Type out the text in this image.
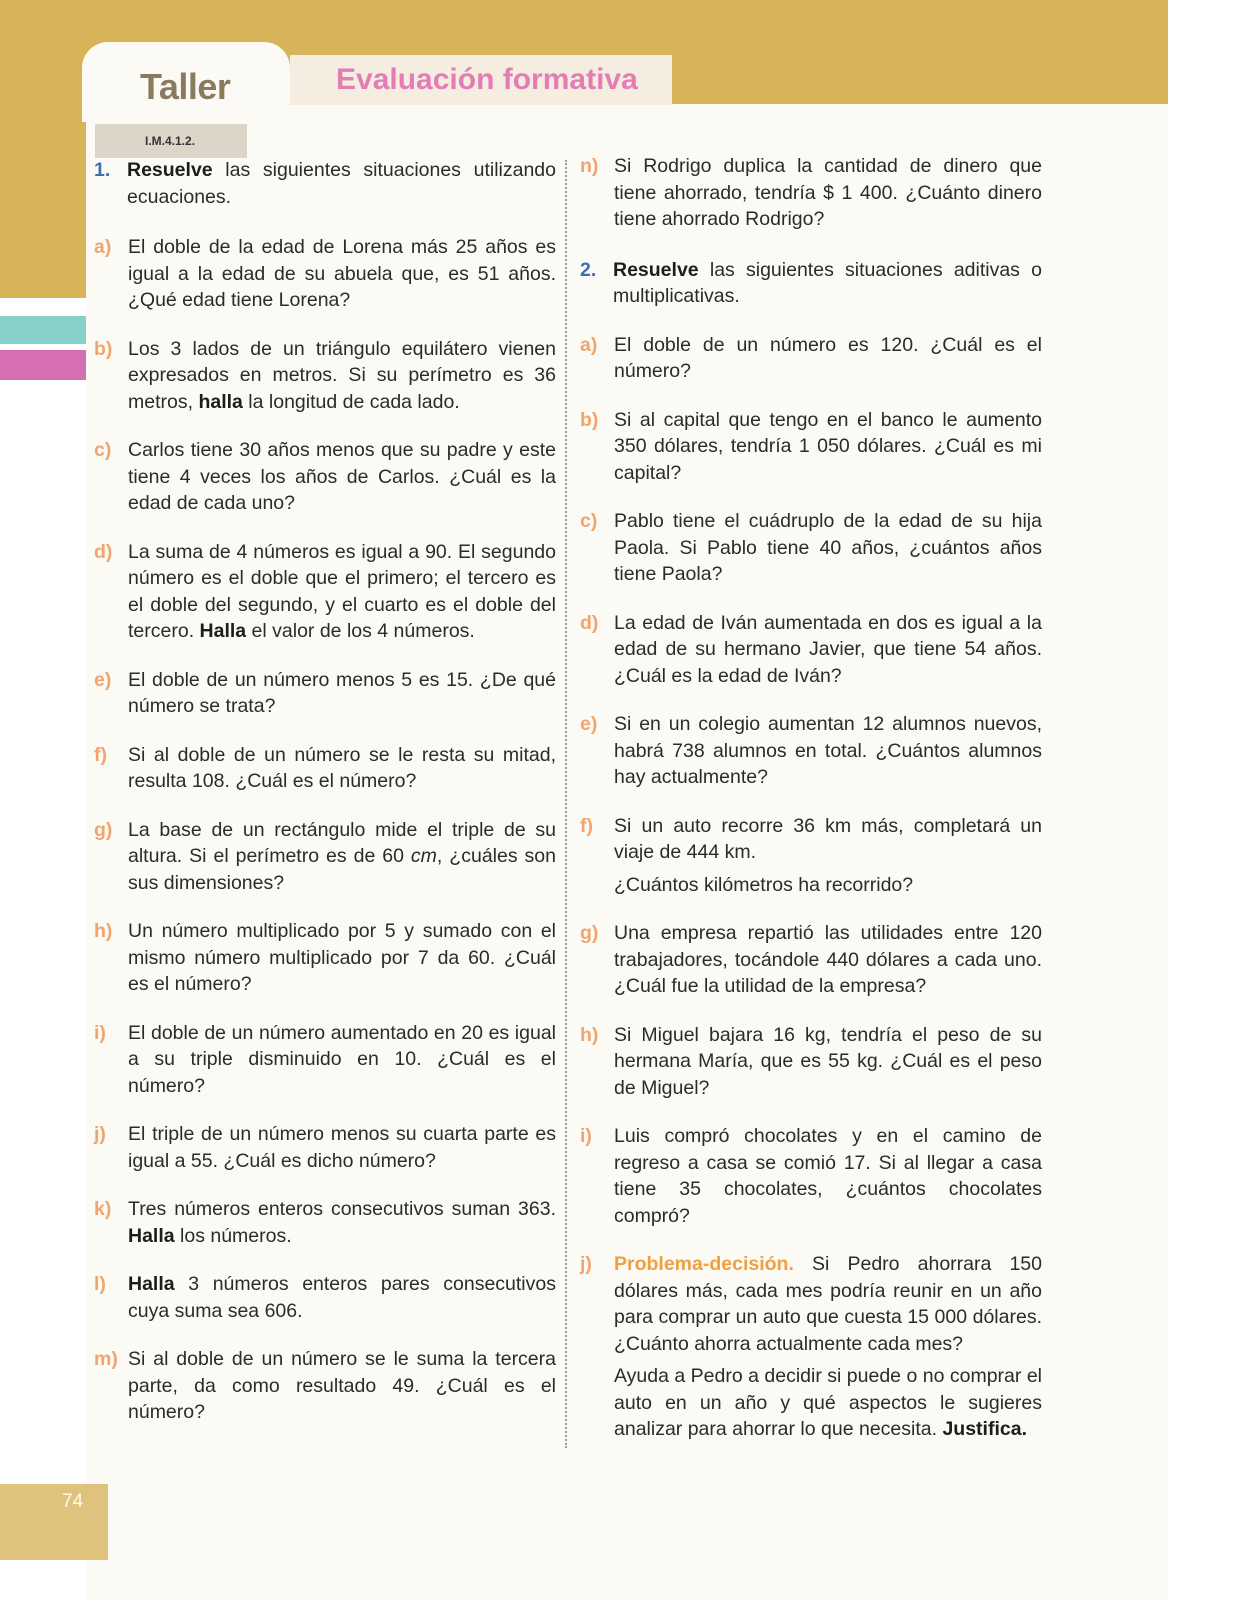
Taller	Evaluación formativa
I.M.4.1.2.
1. Resuelve las siguientes situaciones utilizando ecuaciones.
a) El doble de la edad de Lorena más 25 años es igual a la edad de su abuela que, es 51 años. ¿Qué edad tiene Lorena?
b) Los 3 lados de un triángulo equilátero vienen expresados en metros. Si su perímetro es 36 metros, halla la longitud de cada lado.
c) Carlos tiene 30 años menos que su padre y este tiene 4 veces los años de Carlos. ¿Cuál es la edad de cada uno?
d) La suma de 4 números es igual a 90. El segundo número es el doble que el primero; el tercero es el doble del segundo, y el cuarto es el doble del tercero. Halla el valor de los 4 números.
e) El doble de un número menos 5 es 15. ¿De qué número se trata?
f) Si al doble de un número se le resta su mitad, resulta 108. ¿Cuál es el número?
g) La base de un rectángulo mide el triple de su altura. Si el perímetro es de 60 cm, ¿cuáles son sus dimensiones?
h) Un número multiplicado por 5 y sumado con el mismo número multiplicado por 7 da 60. ¿Cuál es el número?
i) El doble de un número aumentado en 20 es igual a su triple disminuido en 10. ¿Cuál es el número?
j) El triple de un número menos su cuarta parte es igual a 55. ¿Cuál es dicho número?
k) Tres números enteros consecutivos suman 363. Halla los números.
l) Halla 3 números enteros pares consecutivos cuya suma sea 606.
m) Si al doble de un número se le suma la tercera parte, da como resultado 49. ¿Cuál es el número?
n) Si Rodrigo duplica la cantidad de dinero que tiene ahorrado, tendría $ 1 400. ¿Cuánto dinero tiene ahorrado Rodrigo?
2. Resuelve las siguientes situaciones aditivas o multiplicativas.
a) El doble de un número es 120. ¿Cuál es el número?
b) Si al capital que tengo en el banco le aumento 350 dólares, tendría 1 050 dólares. ¿Cuál es mi capital?
c) Pablo tiene el cuádruplo de la edad de su hija Paola. Si Pablo tiene 40 años, ¿cuántos años tiene Paola?
d) La edad de Iván aumentada en dos es igual a la edad de su hermano Javier, que tiene 54 años. ¿Cuál es la edad de Iván?
e) Si en un colegio aumentan 12 alumnos nuevos, habrá 738 alumnos en total. ¿Cuántos alumnos hay actualmente?
f) Si un auto recorre 36 km más, completará un viaje de 444 km.

¿Cuántos kilómetros ha recorrido?

g) Una empresa repartió las utilidades entre 120 trabajadores, tocándole 440 dólares a cada uno. ¿Cuál fue la utilidad de la empresa?
h) Si Miguel bajara 16 kg, tendría el peso de su hermana María, que es 55 kg. ¿Cuál es el peso de Miguel?
i) Luis compró chocolates y en el camino de regreso a casa se comió 17. Si al llegar a casa tiene 35 chocolates, ¿cuántos chocolates compró?
j) Problema-decisión. Si Pedro ahorrara 150 dólares más, cada mes podría reunir en un año para comprar un auto que cuesta 15 000 dólares. ¿Cuánto ahorra actualmente cada mes?

Ayuda a Pedro a decidir si puede o no comprar el auto en un año y qué aspectos le sugieres analizar para ahorrar lo que necesita. Justifica.

74
